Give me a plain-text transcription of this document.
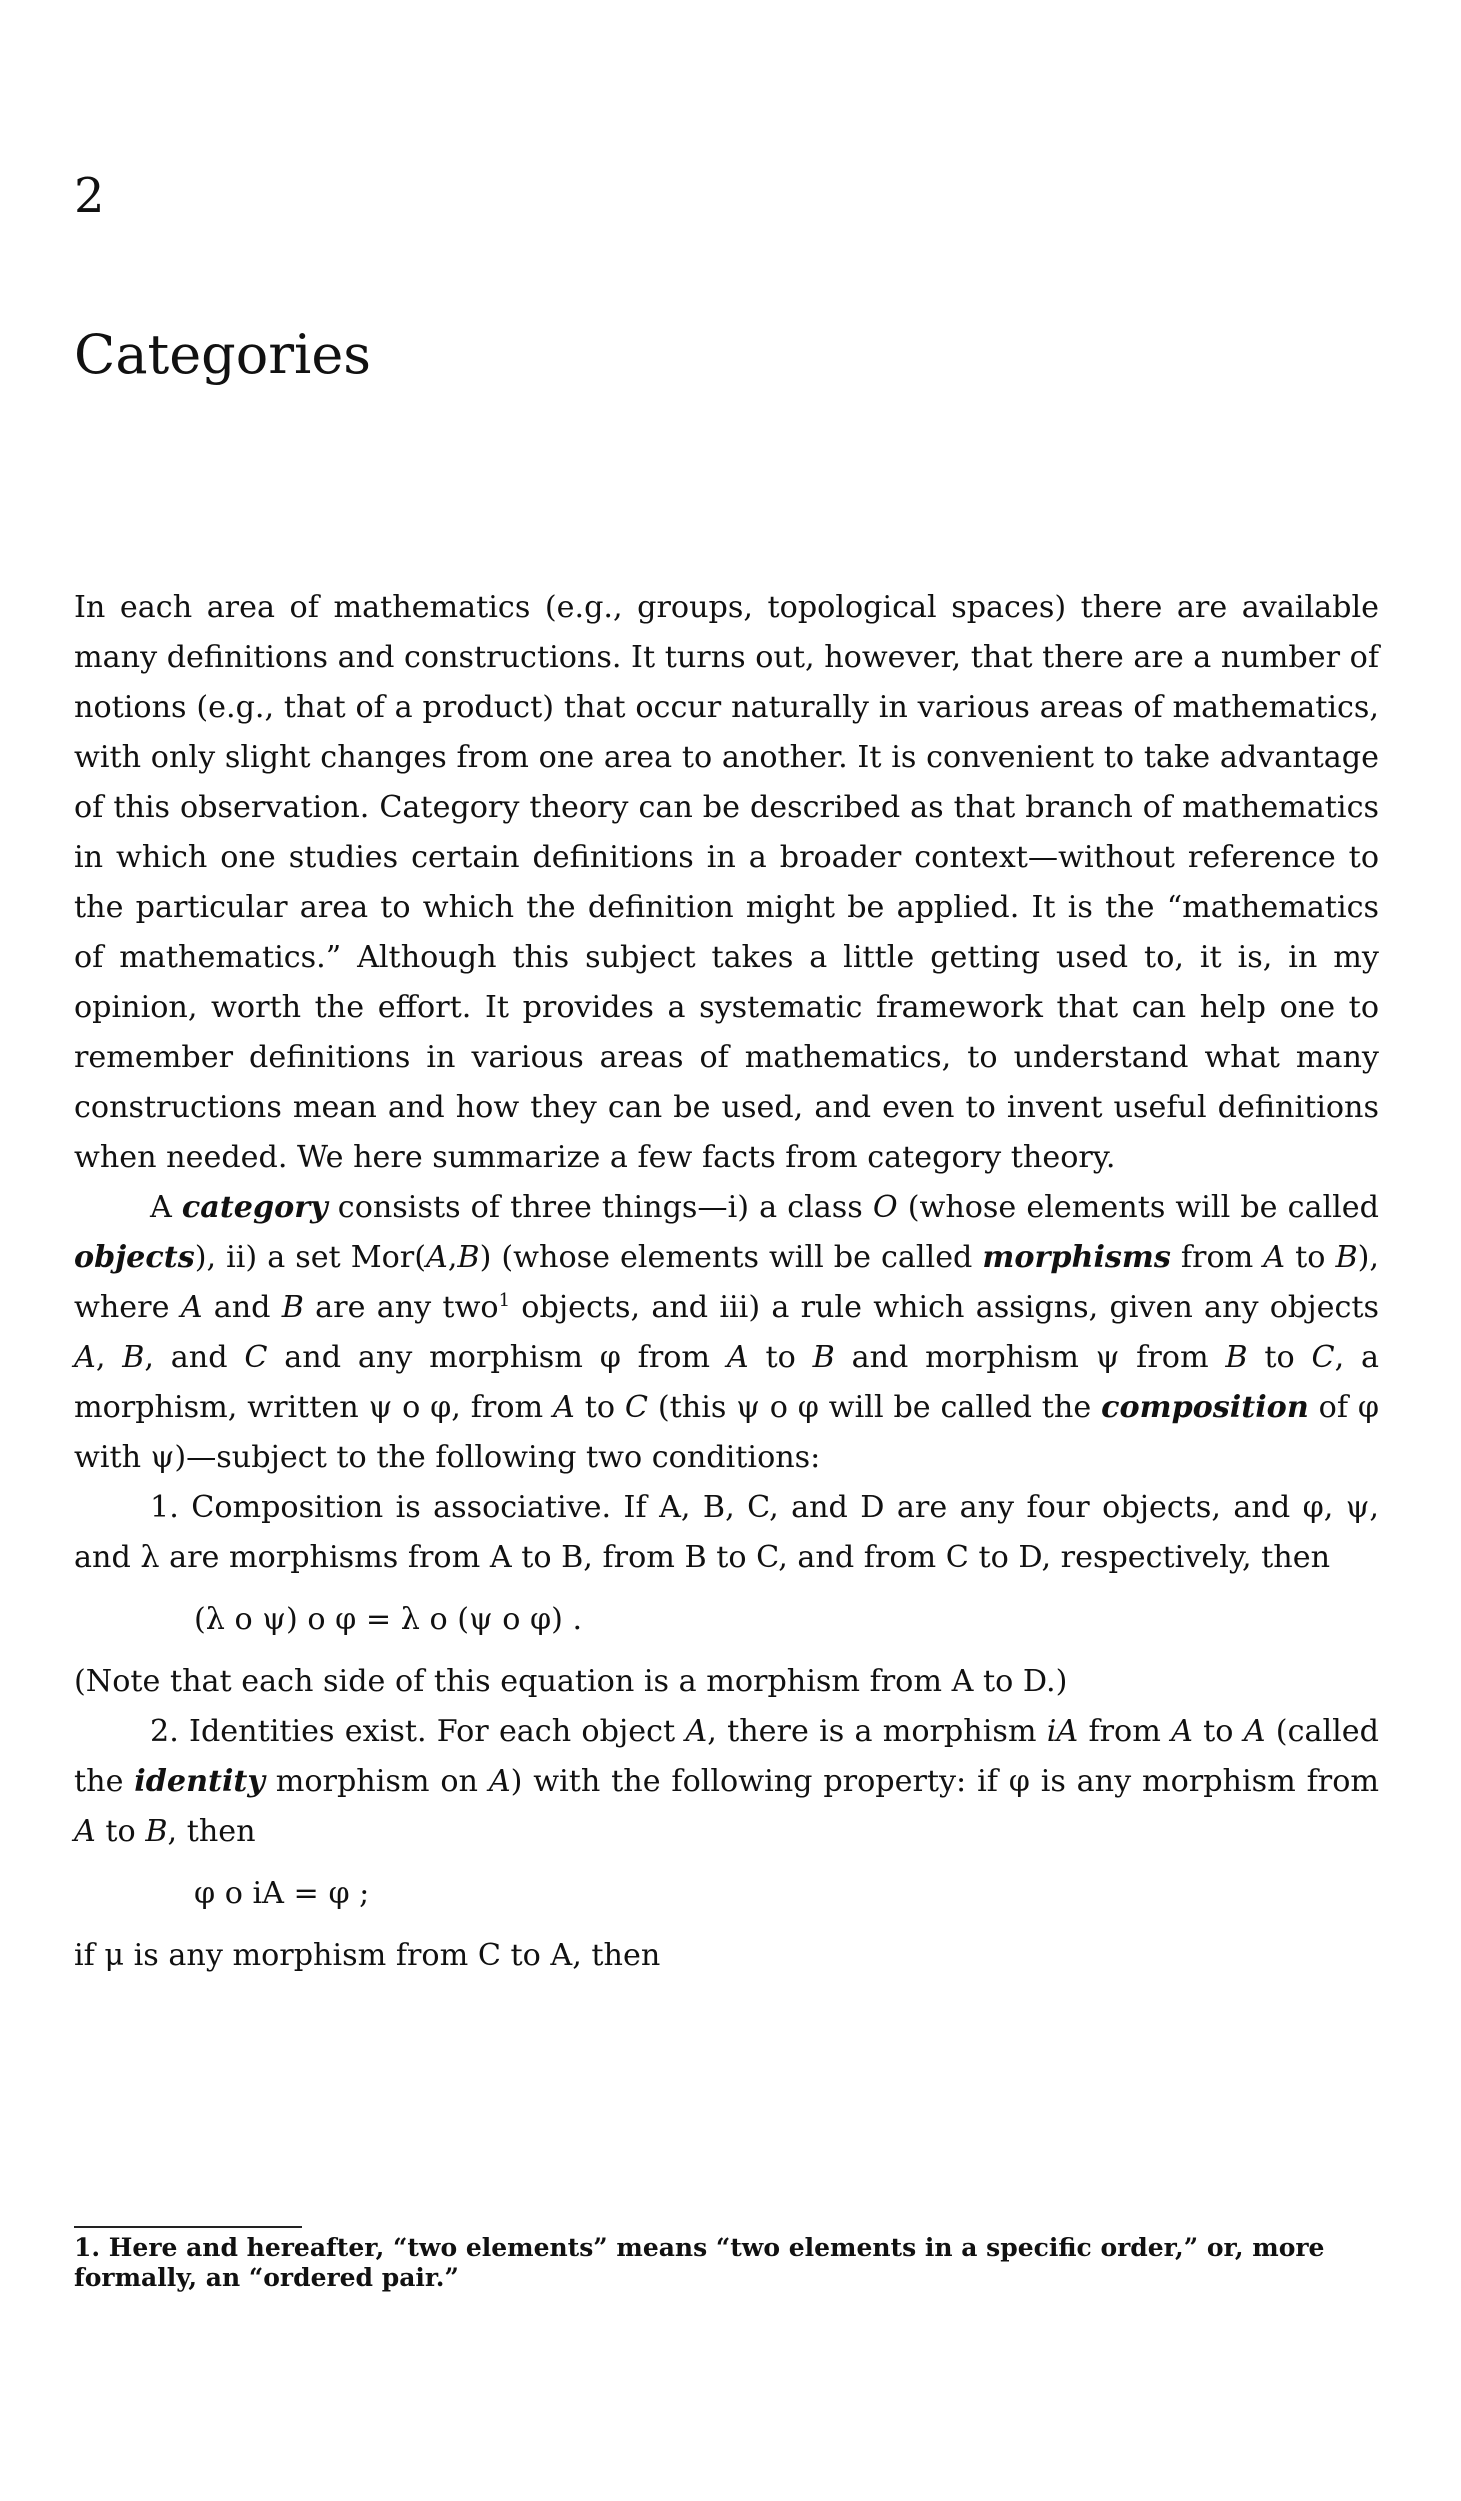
2
Categories

In each area of mathematics (e.g., groups, topological spaces) there are available many definitions and constructions. It turns out, however, that there are a number of notions (e.g., that of a product) that occur naturally in various areas of mathematics, with only slight changes from one area to another. It is convenient to take advantage of this observation. Category theory can be described as that branch of mathematics in which one studies certain definitions in a broader context—without reference to the particular area to which the definition might be applied. It is the “mathematics of mathematics.” Although this subject takes a little getting used to, it is, in my opinion, worth the effort. It provides a systematic framework that can help one to remember definitions in various areas of mathematics, to understand what many constructions mean and how they can be used, and even to invent useful definitions when needed. We here summarize a few facts from category theory.

A category consists of three things—i) a class O (whose elements will be called objects), ii) a set Mor(A,B) (whose elements will be called morphisms from A to B), where A and B are any two$^1$ objects, and iii) a rule which assigns, given any objects A, B, and C and any morphism φ from A to B and morphism ψ from B to C, a morphism, written ψ o φ, from A to C (this ψ o φ will be called the composition of φ with ψ)—subject to the following two conditions:

1. Composition is associative. If A, B, C, and D are any four objects, and φ, ψ, and λ are morphisms from A to B, from B to C, and from C to D, respectively, then

(λ o ψ) o φ = λ o (ψ o φ) .

(Note that each side of this equation is a morphism from A to D.)

2. Identities exist. For each object A, there is a morphism iA from A to A (called the identity morphism on A) with the following property: if φ is any morphism from A to B, then

φ o iA = φ ;

if μ is any morphism from C to A, then

1. Here and hereafter, “two elements” means “two elements in a specific order,” or, more formally, an “ordered pair.”
